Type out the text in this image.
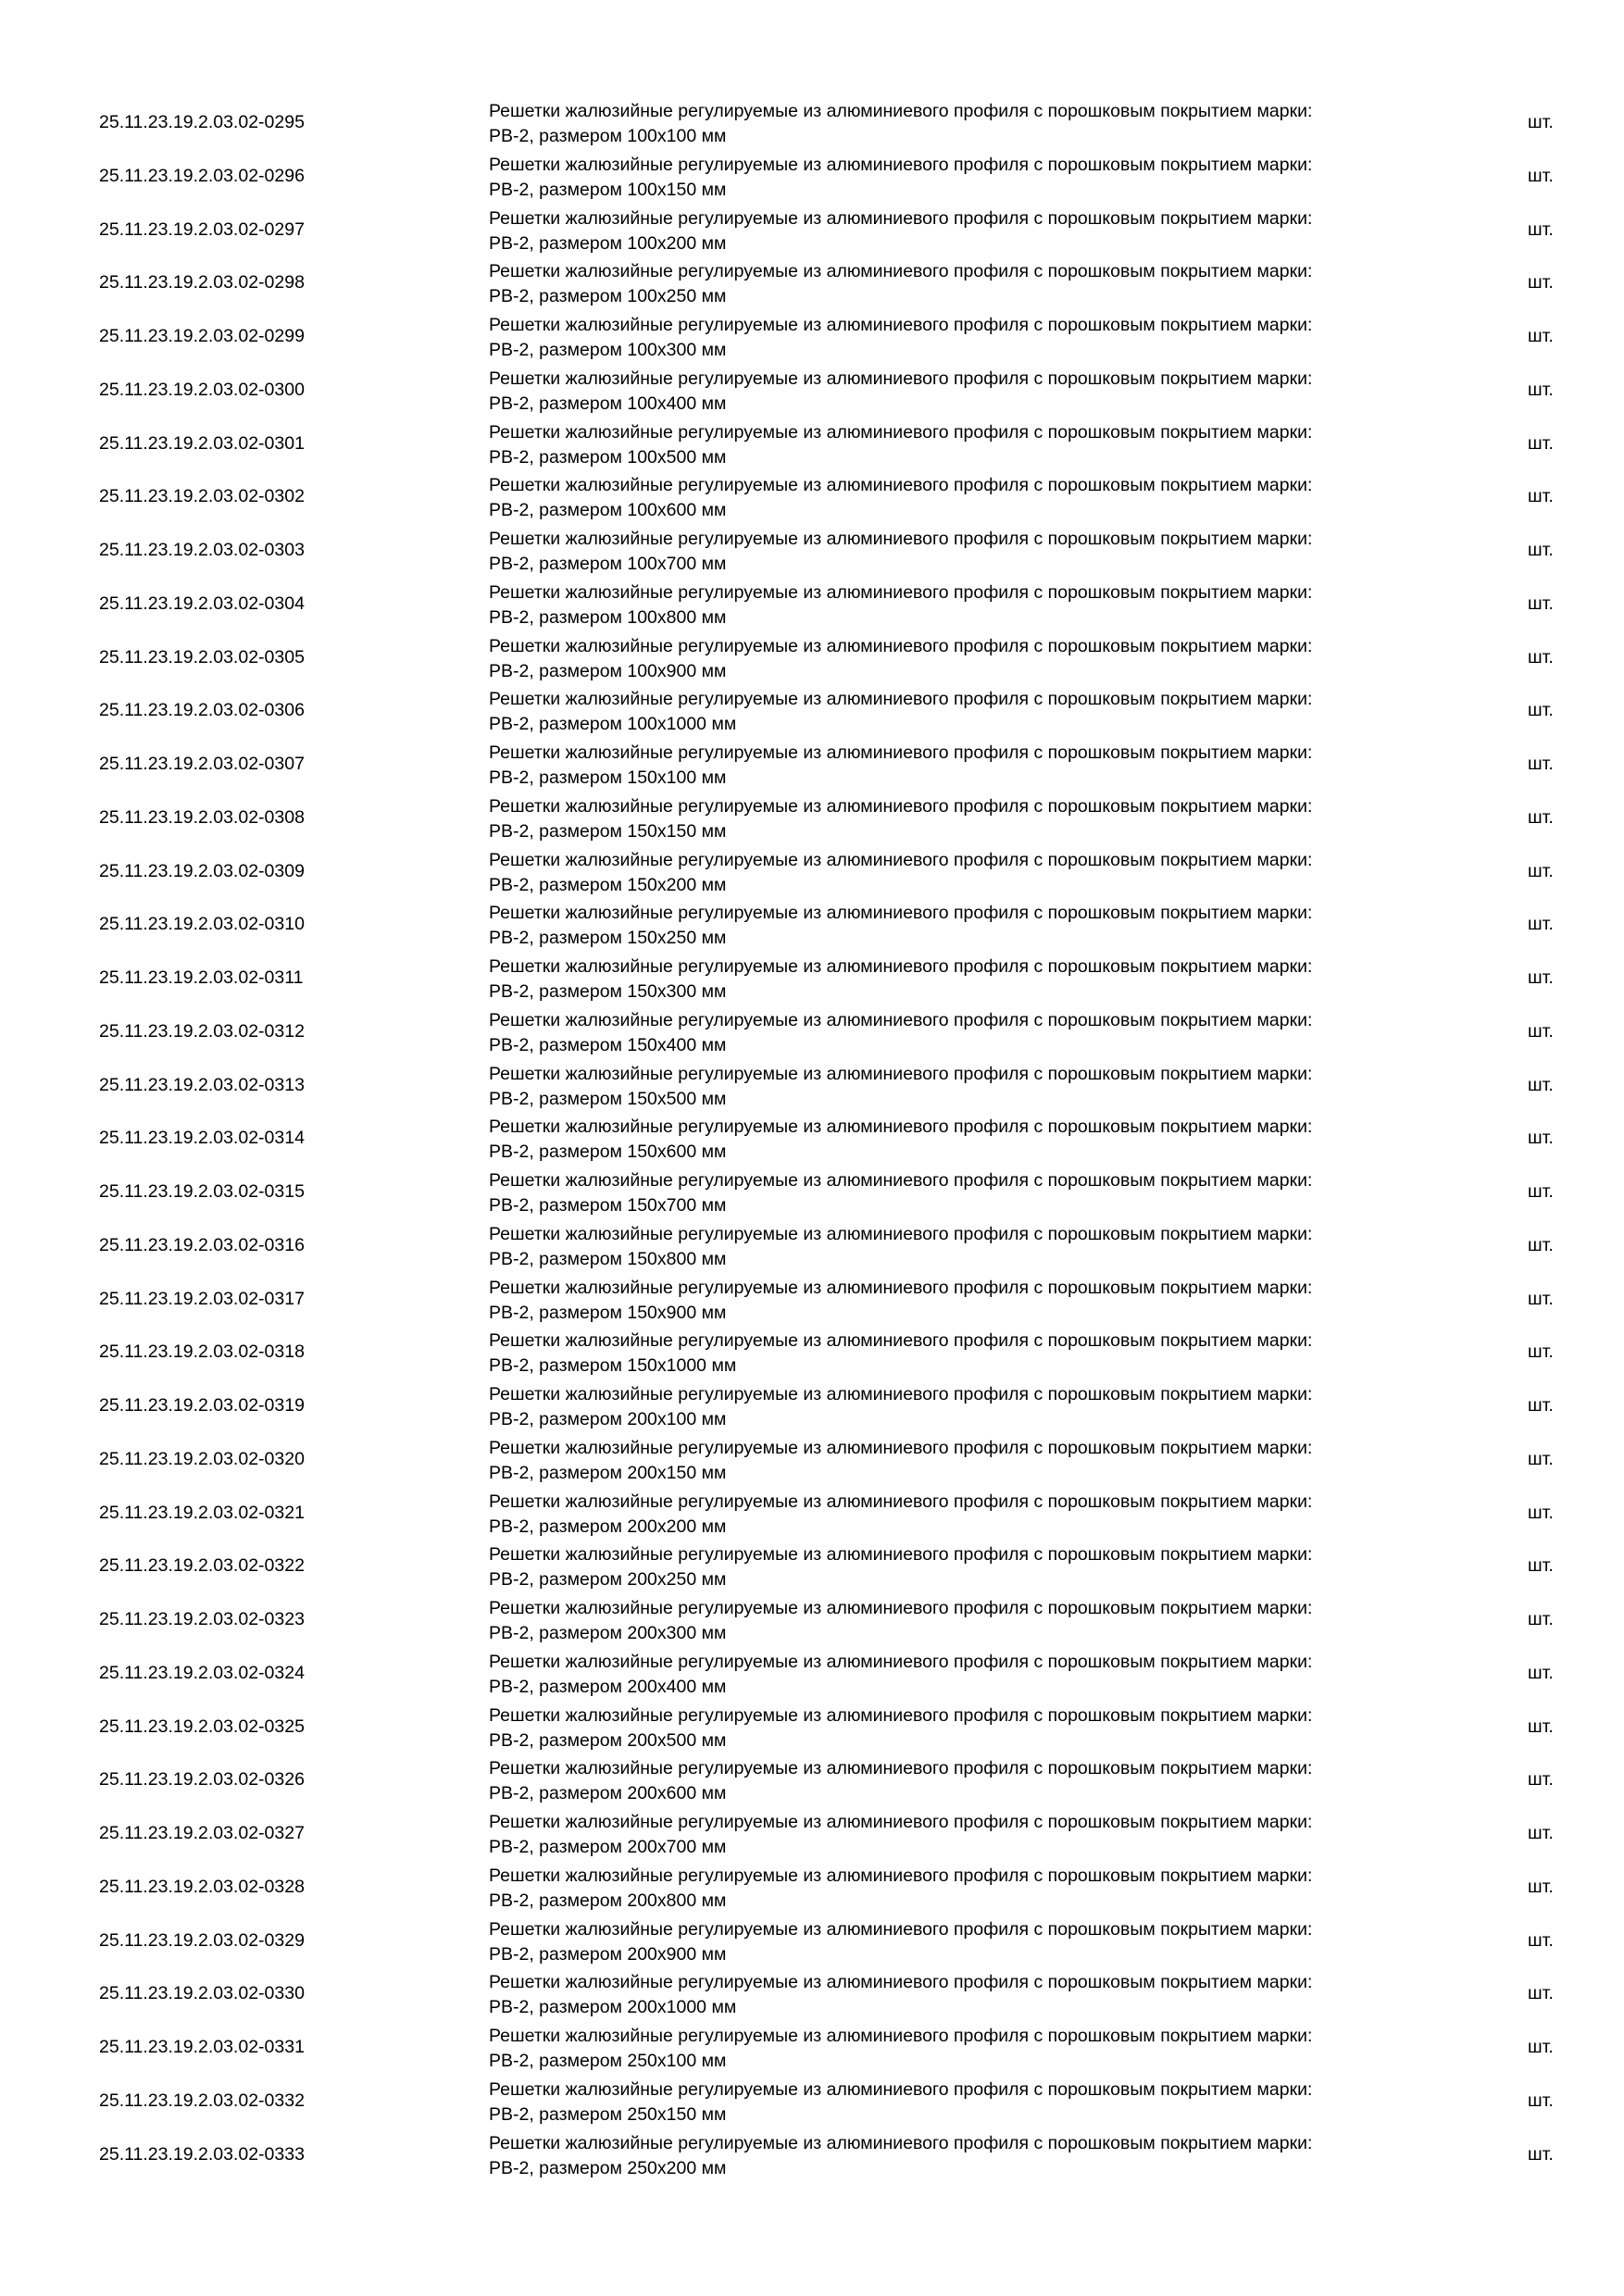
25.11.23.19.2.03.02-0295
Решетки жалюзийные регулируемые из алюминиевого профиля с порошковым покрытием марки:
РВ-2, размером 100х100 мм
шт.
25.11.23.19.2.03.02-0296
Решетки жалюзийные регулируемые из алюминиевого профиля с порошковым покрытием марки:
РВ-2, размером 100х150 мм
шт.
25.11.23.19.2.03.02-0297
Решетки жалюзийные регулируемые из алюминиевого профиля с порошковым покрытием марки:
РВ-2, размером 100х200 мм
шт.
25.11.23.19.2.03.02-0298
Решетки жалюзийные регулируемые из алюминиевого профиля с порошковым покрытием марки:
РВ-2, размером 100х250 мм
шт.
25.11.23.19.2.03.02-0299
Решетки жалюзийные регулируемые из алюминиевого профиля с порошковым покрытием марки:
РВ-2, размером 100х300 мм
шт.
25.11.23.19.2.03.02-0300
Решетки жалюзийные регулируемые из алюминиевого профиля с порошковым покрытием марки:
РВ-2, размером 100х400 мм
шт.
25.11.23.19.2.03.02-0301
Решетки жалюзийные регулируемые из алюминиевого профиля с порошковым покрытием марки:
РВ-2, размером 100х500 мм
шт.
25.11.23.19.2.03.02-0302
Решетки жалюзийные регулируемые из алюминиевого профиля с порошковым покрытием марки:
РВ-2, размером 100х600 мм
шт.
25.11.23.19.2.03.02-0303
Решетки жалюзийные регулируемые из алюминиевого профиля с порошковым покрытием марки:
РВ-2, размером 100х700 мм
шт.
25.11.23.19.2.03.02-0304
Решетки жалюзийные регулируемые из алюминиевого профиля с порошковым покрытием марки:
РВ-2, размером 100х800 мм
шт.
25.11.23.19.2.03.02-0305
Решетки жалюзийные регулируемые из алюминиевого профиля с порошковым покрытием марки:
РВ-2, размером 100х900 мм
шт.
25.11.23.19.2.03.02-0306
Решетки жалюзийные регулируемые из алюминиевого профиля с порошковым покрытием марки:
РВ-2, размером 100х1000 мм
шт.
25.11.23.19.2.03.02-0307
Решетки жалюзийные регулируемые из алюминиевого профиля с порошковым покрытием марки:
РВ-2, размером 150х100 мм
шт.
25.11.23.19.2.03.02-0308
Решетки жалюзийные регулируемые из алюминиевого профиля с порошковым покрытием марки:
РВ-2, размером 150х150 мм
шт.
25.11.23.19.2.03.02-0309
Решетки жалюзийные регулируемые из алюминиевого профиля с порошковым покрытием марки:
РВ-2, размером 150х200 мм
шт.
25.11.23.19.2.03.02-0310
Решетки жалюзийные регулируемые из алюминиевого профиля с порошковым покрытием марки:
РВ-2, размером 150х250 мм
шт.
25.11.23.19.2.03.02-0311
Решетки жалюзийные регулируемые из алюминиевого профиля с порошковым покрытием марки:
РВ-2, размером 150х300 мм
шт.
25.11.23.19.2.03.02-0312
Решетки жалюзийные регулируемые из алюминиевого профиля с порошковым покрытием марки:
РВ-2, размером 150х400 мм
шт.
25.11.23.19.2.03.02-0313
Решетки жалюзийные регулируемые из алюминиевого профиля с порошковым покрытием марки:
РВ-2, размером 150х500 мм
шт.
25.11.23.19.2.03.02-0314
Решетки жалюзийные регулируемые из алюминиевого профиля с порошковым покрытием марки:
РВ-2, размером 150х600 мм
шт.
25.11.23.19.2.03.02-0315
Решетки жалюзийные регулируемые из алюминиевого профиля с порошковым покрытием марки:
РВ-2, размером 150х700 мм
шт.
25.11.23.19.2.03.02-0316
Решетки жалюзийные регулируемые из алюминиевого профиля с порошковым покрытием марки:
РВ-2, размером 150х800 мм
шт.
25.11.23.19.2.03.02-0317
Решетки жалюзийные регулируемые из алюминиевого профиля с порошковым покрытием марки:
РВ-2, размером 150х900 мм
шт.
25.11.23.19.2.03.02-0318
Решетки жалюзийные регулируемые из алюминиевого профиля с порошковым покрытием марки:
РВ-2, размером 150х1000 мм
шт.
25.11.23.19.2.03.02-0319
Решетки жалюзийные регулируемые из алюминиевого профиля с порошковым покрытием марки:
РВ-2, размером 200х100 мм
шт.
25.11.23.19.2.03.02-0320
Решетки жалюзийные регулируемые из алюминиевого профиля с порошковым покрытием марки:
РВ-2, размером 200х150 мм
шт.
25.11.23.19.2.03.02-0321
Решетки жалюзийные регулируемые из алюминиевого профиля с порошковым покрытием марки:
РВ-2, размером 200х200 мм
шт.
25.11.23.19.2.03.02-0322
Решетки жалюзийные регулируемые из алюминиевого профиля с порошковым покрытием марки:
РВ-2, размером 200х250 мм
шт.
25.11.23.19.2.03.02-0323
Решетки жалюзийные регулируемые из алюминиевого профиля с порошковым покрытием марки:
РВ-2, размером 200х300 мм
шт.
25.11.23.19.2.03.02-0324
Решетки жалюзийные регулируемые из алюминиевого профиля с порошковым покрытием марки:
РВ-2, размером 200х400 мм
шт.
25.11.23.19.2.03.02-0325
Решетки жалюзийные регулируемые из алюминиевого профиля с порошковым покрытием марки:
РВ-2, размером 200х500 мм
шт.
25.11.23.19.2.03.02-0326
Решетки жалюзийные регулируемые из алюминиевого профиля с порошковым покрытием марки:
РВ-2, размером 200х600 мм
шт.
25.11.23.19.2.03.02-0327
Решетки жалюзийные регулируемые из алюминиевого профиля с порошковым покрытием марки:
РВ-2, размером 200х700 мм
шт.
25.11.23.19.2.03.02-0328
Решетки жалюзийные регулируемые из алюминиевого профиля с порошковым покрытием марки:
РВ-2, размером 200х800 мм
шт.
25.11.23.19.2.03.02-0329
Решетки жалюзийные регулируемые из алюминиевого профиля с порошковым покрытием марки:
РВ-2, размером 200х900 мм
шт.
25.11.23.19.2.03.02-0330
Решетки жалюзийные регулируемые из алюминиевого профиля с порошковым покрытием марки:
РВ-2, размером 200х1000 мм
шт.
25.11.23.19.2.03.02-0331
Решетки жалюзийные регулируемые из алюминиевого профиля с порошковым покрытием марки:
РВ-2, размером 250х100 мм
шт.
25.11.23.19.2.03.02-0332
Решетки жалюзийные регулируемые из алюминиевого профиля с порошковым покрытием марки:
РВ-2, размером 250х150 мм
шт.
25.11.23.19.2.03.02-0333
Решетки жалюзийные регулируемые из алюминиевого профиля с порошковым покрытием марки:
РВ-2, размером 250х200 мм
шт.
